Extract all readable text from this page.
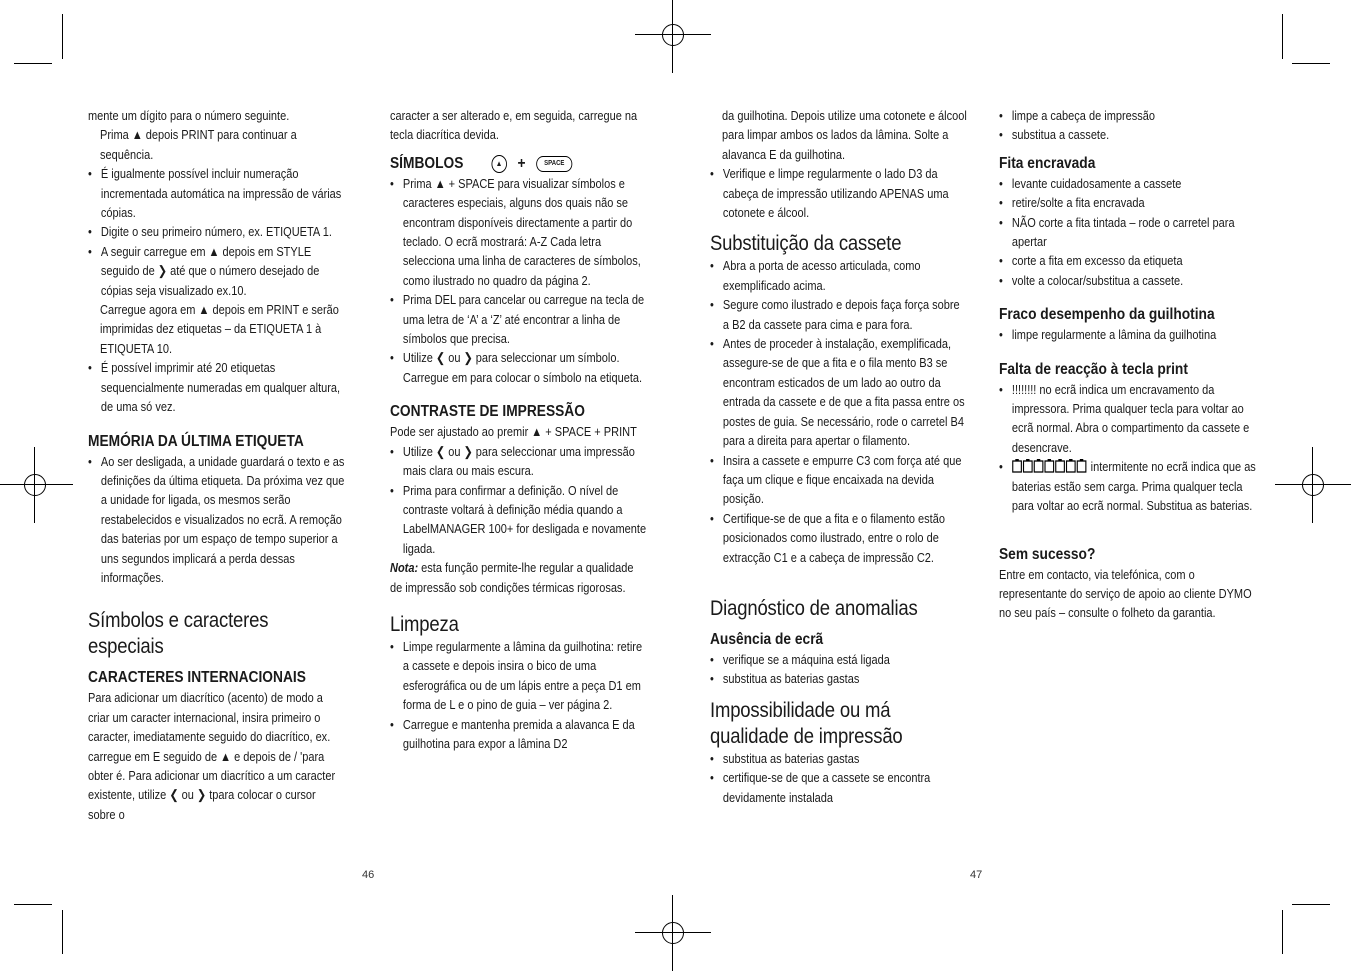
mente um dígito para o número seguinte.

Prima ▲ depois PRINT para continuar a sequência.

• É igualmente possível incluir numeração incrementada automática na impressão de várias cópias.

• Digite o seu primeiro número, ex. ETIQUETA 1.

• A seguir carregue em ▲ depois em STYLE seguido de ❯ até que o número desejado de cópias seja visualizado ex.10.

Carregue agora em ▲ depois em PRINT e serão imprimidas dez etiquetas – da ETIQUETA 1 à ETIQUETA 10.

• É possível imprimir até 20 etiquetas sequencialmente numeradas em qualquer altura, de uma só vez.

MEMÓRIA DA ÚLTIMA ETIQUETA

• Ao ser desligada, a unidade guardará o texto e as definições da última etiqueta. Da próxima vez que a unidade for ligada, os mesmos serão restabelecidos e visualizados no ecrã. A remoção das baterias por um espaço de tempo superior a uns segundos implicará a perda dessas informações.

Símbolos e caracteres especiais

CARACTERES INTERNACIONAIS

Para adicionar um diacrítico (acento) de modo a criar um caracter internacional, insira primeiro o caracter, imediatamente seguido do diacrítico, ex. carregue em E seguido de ▲ e depois de / 'para obter é. Para adicionar um diacrítico a um caracter existente, utilize ❮ ou ❯ tpara colocar o cursor sobre o

caracter a ser alterado e, em seguida, carregue na tecla diacrítica devida.

SÍMBOLOS	▲ +	SPACE

• Prima ▲ + SPACE para visualizar símbolos e caracteres especiais, alguns dos quais não se encontram disponíveis directamente a partir do teclado. O ecrã mostrará: A-Z Cada letra selecciona uma linha de caracteres de símbolos, como ilustrado no quadro da página 2.

• Prima DEL para cancelar ou carregue na tecla de uma letra de ‘A’ a ‘Z’ até encontrar a linha de símbolos que precisa.

• Utilize ❮ ou ❯ para seleccionar um símbolo. Carregue em para colocar o símbolo na etiqueta.

CONTRASTE DE IMPRESSÃO

Pode ser ajustado ao premir ▲ + SPACE + PRINT

• Utilize ❮ ou ❯ para seleccionar uma impressão mais clara ou mais escura.

• Prima para confirmar a definição. O nível de contraste voltará à definição média quando a LabelMANAGER 100+ for desligada e novamente ligada.

Nota: esta função permite-lhe regular a qualidade de impressão sob condições térmicas rigorosas.

Limpeza

• Limpe regularmente a lâmina da guilhotina: retire a cassete e depois insira o bico de uma esferográfica ou de um lápis entre a peça D1 em forma de L e o pino de guia – ver página 2.

• Carregue e mantenha premida a alavanca E da guilhotina para expor a lâmina D2

da guilhotina. Depois utilize uma cotonete e álcool para limpar ambos os lados da lâmina. Solte a alavanca E da guilhotina.

• Verifique e limpe regularmente o lado D3 da cabeça de impressão utilizando APENAS uma cotonete e álcool.

Substituição da cassete

• Abra a porta de acesso articulada, como exemplificado acima.

• Segure como ilustrado e depois faça força sobre a B2 da cassete para cima e para fora.

• Antes de proceder à instalação, exemplificada, assegure-se de que a fita e o fila mento B3 se encontram esticados de um lado ao outro da entrada da cassete e de que a fita passa entre os postes de guia. Se necessário, rode o carretel B4 para a direita para apertar o filamento.

• Insira a cassete e empurre C3 com força até que faça um clique e fique encaixada na devida posição.

• Certifique-se de que a fita e o filamento estão posicionados como ilustrado, entre o rolo de extracção C1 e a cabeça de impressão C2.

Diagnóstico de anomalias

Ausência de ecrã

• verifique se a máquina está ligada

• substitua as baterias gastas

Impossibilidade ou má

qualidade de impressão

• substitua as baterias gastas

• certifique-se de que a cassete se encontra devidamente instalada

• limpe a cabeça de impressão

• substitua a cassete.

Fita encravada

• levante cuidadosamente a cassete

• retire/solte a fita encravada

• NÃO corte a fita tintada – rode o carretel para apertar

• corte a fita em excesso da etiqueta

• volte a colocar/substitua a cassete.

Fraco desempenho da guilhotina

• limpe regularmente a lâmina da guilhotina

Falta de reacção à tecla print

• !!!!!!!! no ecrã indica um encravamento da impressora. Prima qualquer tecla para voltar ao ecrã normal. Abra o compartimento da cassete e desencrave.

• intermitente no ecrã indica que as baterias estão sem carga. Prima qualquer tecla para voltar ao ecrã normal. Substitua as baterias.

Sem sucesso?

Entre em contacto, via telefónica, com o representante do serviço de apoio ao cliente DYMO no seu país – consulte o folheto da garantia.

46	47
